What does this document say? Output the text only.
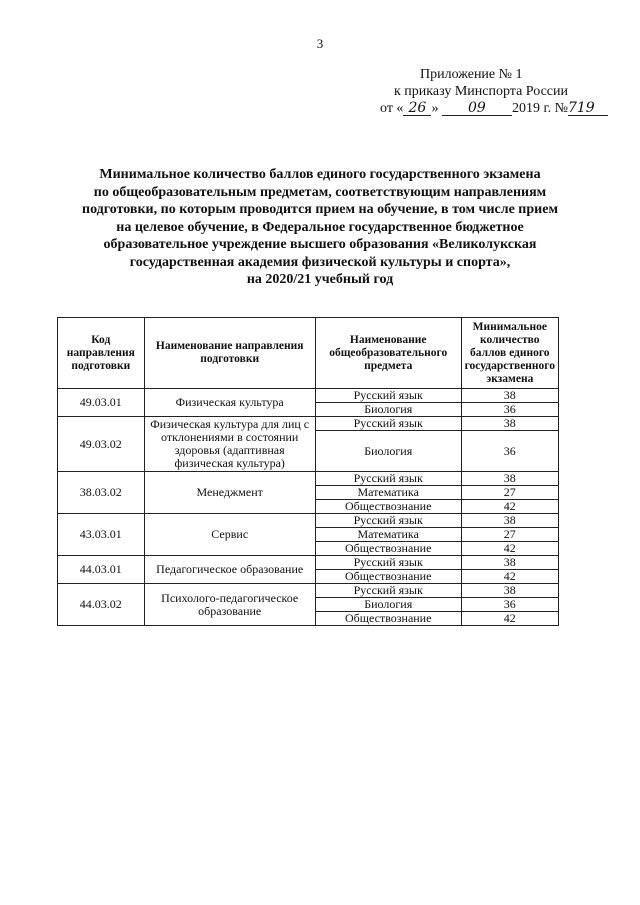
3
Приложение № 1
к приказу Минспорта России
от « 26 » 09 2019 г. №719
Минимальное количество баллов единого государственного экзамена
по общеобразовательным предметам, соответствующим направлениям
подготовки, по которым проводится прием на обучение, в том числе прием
на целевое обучение, в Федеральное государственное бюджетное
образовательное учреждение высшего образования «Великолукская
государственная академия физической культуры и спорта»,
на 2020/21 учебный год
Код направления подготовки	Наименование направления подготовки	Наименование общеобразовательного предмета	Минимальное количество баллов единого государственного экзамена
49.03.01	Физическая культура	Русский язык	38
		Биология	36
49.03.02	Физическая культура для лиц с отклонениями в состоянии здоровья (адаптивная физическая культура)	Русский язык	38
		Биология	36
38.03.02	Менеджмент	Русский язык	38
		Математика	27
		Обществознание	42
43.03.01	Сервис	Русский язык	38
		Математика	27
		Обществознание	42
44.03.01	Педагогическое образование	Русский язык	38
		Обществознание	42
44.03.02	Психолого-педагогическое образование	Русский язык	38
		Биология	36
		Обществознание	42
